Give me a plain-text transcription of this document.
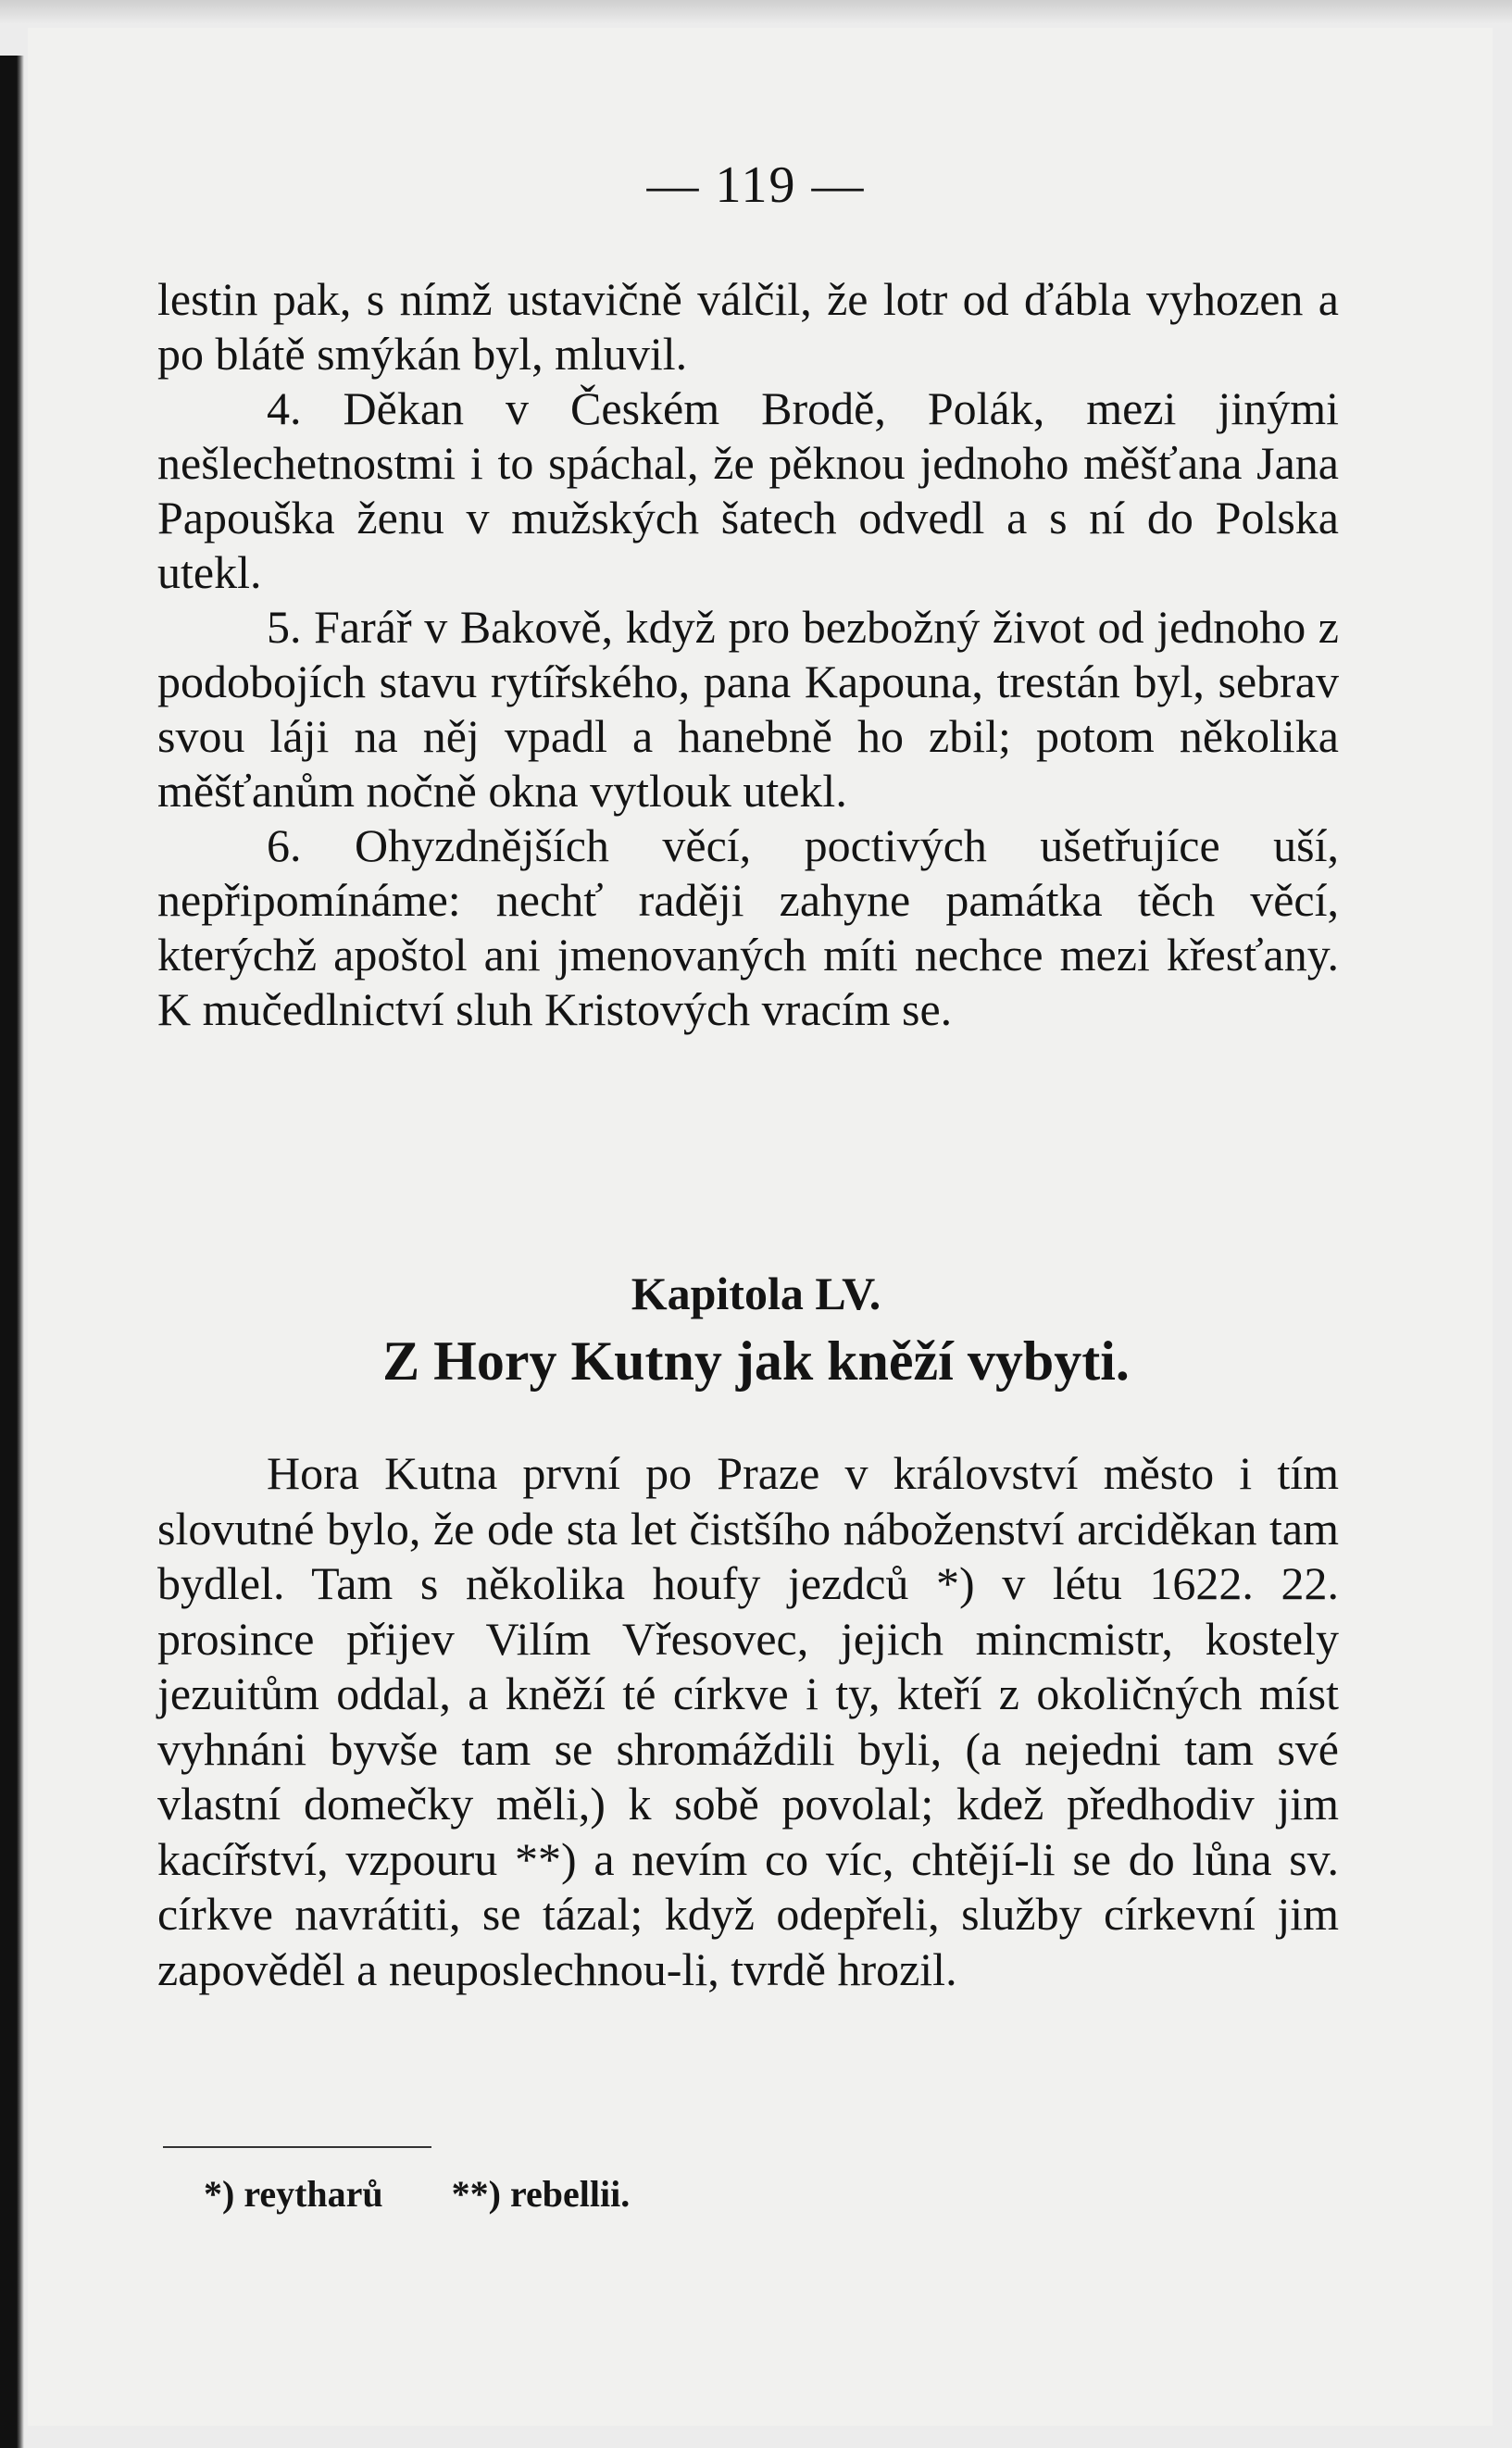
— 119 —

lestin pak, s nímž ustavičně válčil, že lotr od ďábla vyhozen a po blátě smýkán byl, mluvil.

4. Děkan v Českém Brodě, Polák, mezi jinými nešlechetnostmi i to spáchal, že pěknou jednoho měšťana Jana Papouška ženu v mužských šatech odvedl a s ní do Polska utekl.

5. Farář v Bakově, když pro bezbožný život od jednoho z podobojích stavu rytířského, pana Kapouna, trestán byl, sebrav svou láji na něj vpadl a hanebně ho zbil; potom několika měšťanům nočně okna vytlouk utekl.

6. Ohyzdnějších věcí, poctivých ušetřujíce uší, nepřipomínáme: nechť raději zahyne památka těch věcí, kterýchž apoštol ani jmenovaných míti nechce mezi křesťany. K mučedlnictví sluh Kristových vracím se.

Kapitola LV.
Z Hory Kutny jak kněží vybyti.

Hora Kutna první po Praze v království město i tím slovutné bylo, že ode sta let čistšího náboženství arciděkan tam bydlel. Tam s několika houfy jezdců *) v létu 1622. 22. prosince přijev Vilím Vřesovec, jejich mincmistr, kostely jezuitům oddal, a kněží té církve i ty, kteří z okoličných míst vyhnáni byvše tam se shromáždili byli, (a nejedni tam své vlastní domečky měli,) k sobě povolal; kdež předhodiv jim kacířství, vzpouru **) a nevím co víc, chtějí-li se do lůna sv. církve navrátiti, se tázal; když odepřeli, služby církevní jim zapověděl a neuposlechnou-li, tvrdě hrozil.

*) reytharů **) rebellii.
